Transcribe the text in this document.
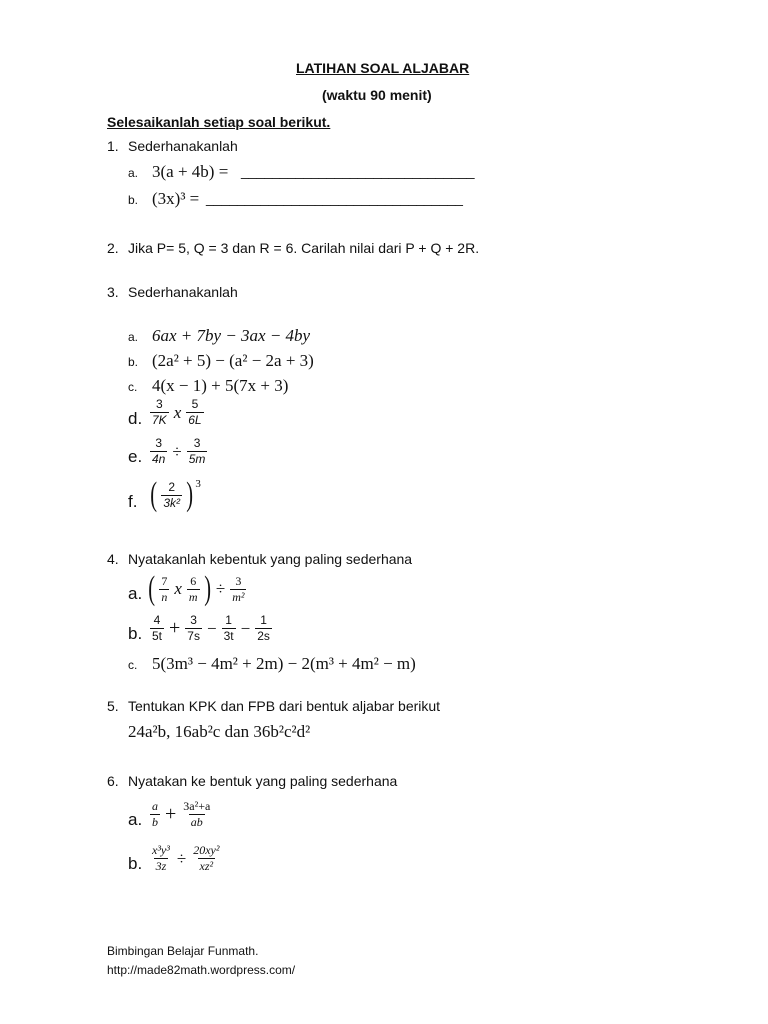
LATIHAN SOAL ALJABAR
(waktu 90 menit)
Selesaikanlah setiap soal berikut.
1. Sederhanakanlah
a. 3(a + 4b) = ______________________________
b. (3x)³ = _________________________________
2. Jika P= 5, Q = 3 dan R = 6. Carilah nilai dari P + Q + 2R.
3. Sederhanakanlah
a. 6ax + 7by − 3ax − 4by
b. (2a² + 5) − (a² − 2a + 3)
c. 4(x − 1) + 5(7x + 3)
d. $\frac{3}{7K}$ x $\frac{5}{6L}$
e. $\frac{3}{4n} \div \frac{3}{5m}$
f. ( $\frac{2}{\text{3k²}}$ ) 3
4. Nyatakanlah kebentuk yang paling sederhana
a. ( $\frac{7}{n}$ x $\frac{6}{m}$ ) ÷ $\frac{3}{\text{m²}}$
b. $\frac{4}{5t} + \frac{3}{7s} - \frac{1}{3t} - \frac{1}{2s}$
c. 5(3m³ − 4m² + 2m) − 2(m³ + 4m² − m)
5. Tentukan KPK dan FPB dari bentuk aljabar berikut
24a²b, 16ab²c dan 36b²c²d²
6. Nyatakan ke bentuk yang paling sederhana
a. $\frac{a}{b} + \frac{\text{3a²+a}}{ab}$
b. $\frac{\text{x³y³}}{3z} \div \frac{\text{20xy²}}{\text{xz²}}$
Bimbingan Belajar Funmath.
http://made82math.wordpress.com/
